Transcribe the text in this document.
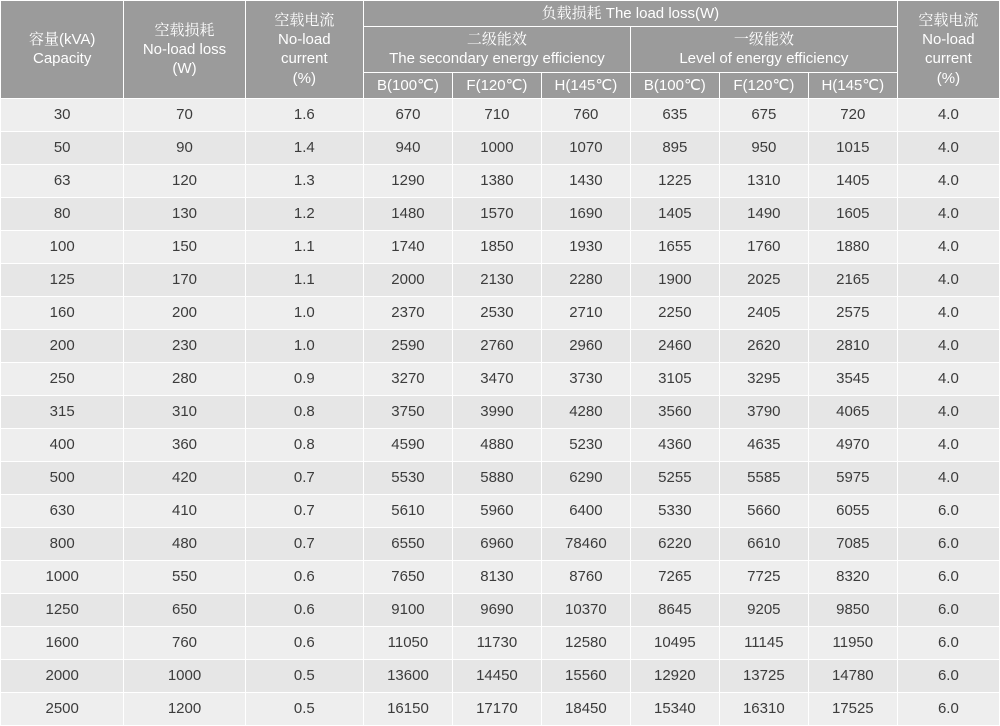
容量(kVA)
Capacity	空载损耗
No-load loss
(W)	空载电流
No-load
current
(%)	负载损耗 The load loss(W)						空载电流
No-load
current
(%)

			二级能效
The secondary energy efficiency			一级能效
Level of energy efficiency			

			B(100℃)	F(120℃)	H(145℃)	B(100℃)	F(120℃)	H(145℃)	
30	70	1.6	670	710	760	635	675	720	4.0
50	90	1.4	940	1000	1070	895	950	1015	4.0
63	120	1.3	1290	1380	1430	1225	1310	1405	4.0
80	130	1.2	1480	1570	1690	1405	1490	1605	4.0
100	150	1.1	1740	1850	1930	1655	1760	1880	4.0
125	170	1.1	2000	2130	2280	1900	2025	2165	4.0
160	200	1.0	2370	2530	2710	2250	2405	2575	4.0
200	230	1.0	2590	2760	2960	2460	2620	2810	4.0
250	280	0.9	3270	3470	3730	3105	3295	3545	4.0
315	310	0.8	3750	3990	4280	3560	3790	4065	4.0
400	360	0.8	4590	4880	5230	4360	4635	4970	4.0
500	420	0.7	5530	5880	6290	5255	5585	5975	4.0
630	410	0.7	5610	5960	6400	5330	5660	6055	6.0
800	480	0.7	6550	6960	78460	6220	6610	7085	6.0
1000	550	0.6	7650	8130	8760	7265	7725	8320	6.0
1250	650	0.6	9100	9690	10370	8645	9205	9850	6.0
1600	760	0.6	11050	11730	12580	10495	11145	11950	6.0
2000	1000	0.5	13600	14450	15560	12920	13725	14780	6.0
2500	1200	0.5	16150	17170	18450	15340	16310	17525	6.0
